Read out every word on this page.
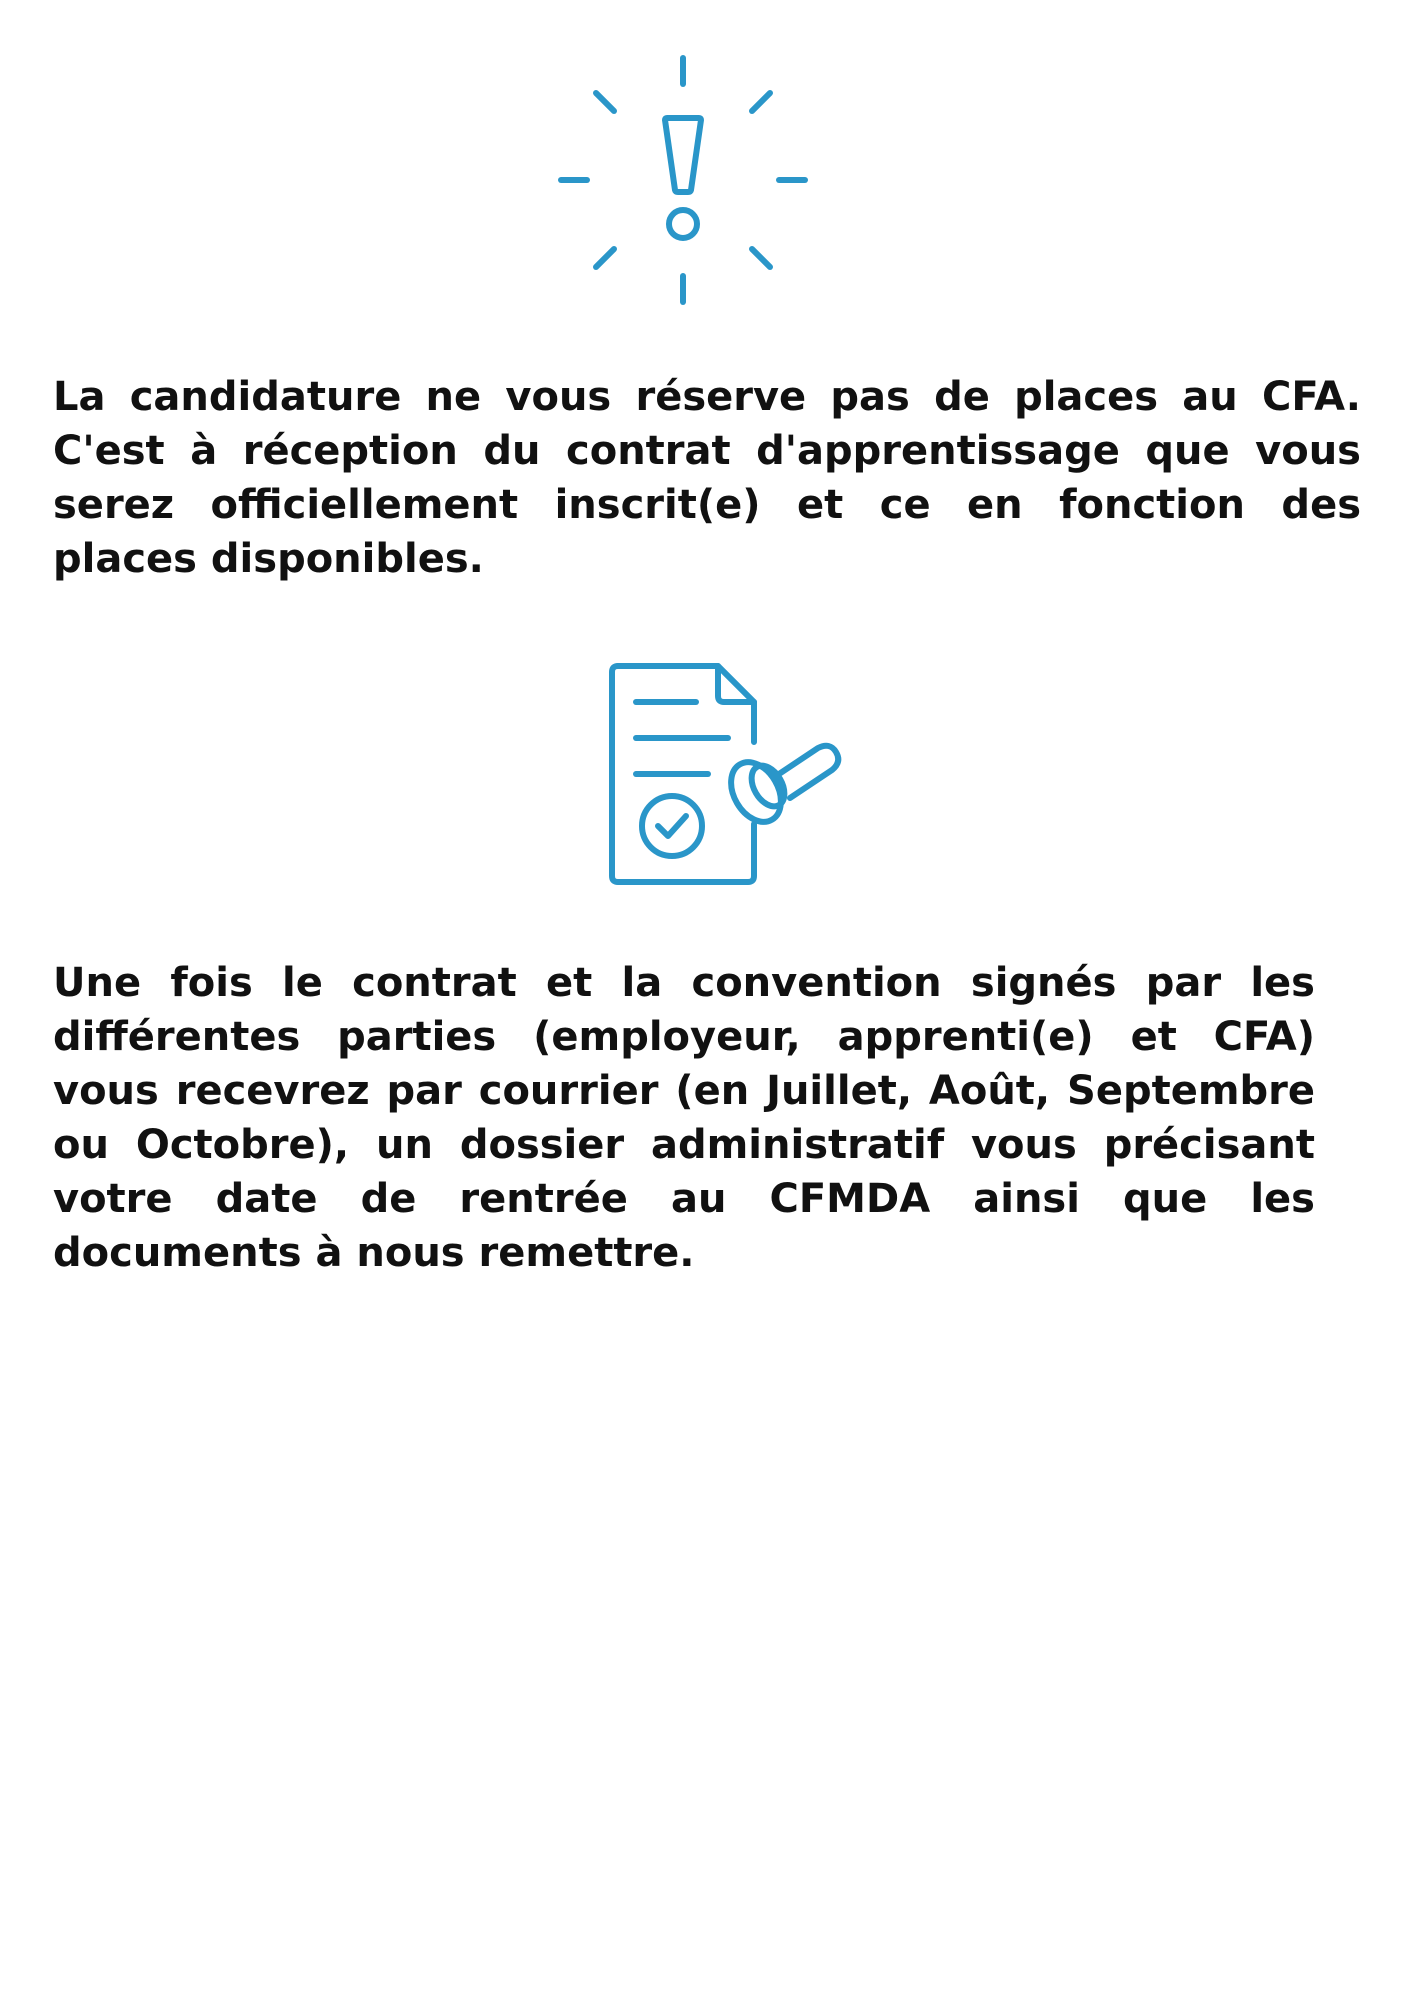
La candidature ne vous réserve pas de places au CFA. C'est à réception du contrat d'apprentissage que vous serez officiellement inscrit(e) et ce en fonction des places disponibles.

Une fois le contrat et la convention signés par les différentes parties (employeur, apprenti(e) et CFA) vous recevrez par courrier (en Juillet, Août, Septembre ou Octobre), un dossier administratif vous précisant votre date de rentrée au CFMDA ainsi que les documents à nous remettre.
